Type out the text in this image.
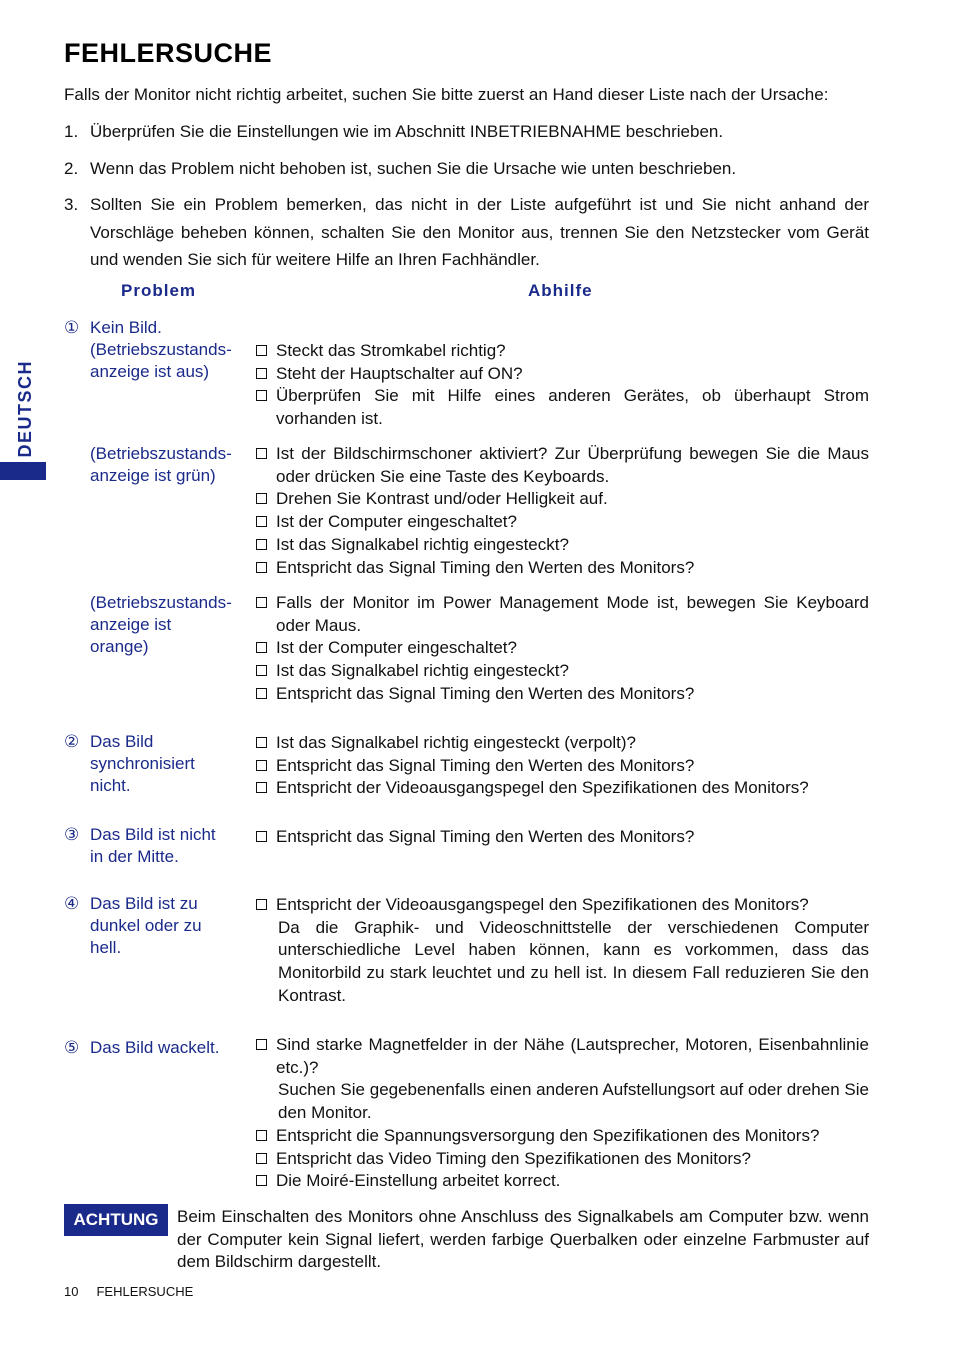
FEHLERSUCHE
Falls der Monitor nicht richtig arbeitet, suchen Sie bitte zuerst an Hand dieser Liste nach der Ursache:
1. Überprüfen Sie die Einstellungen wie im Abschnitt INBETRIEBNAHME beschrieben.
2. Wenn das Problem nicht behoben ist, suchen Sie die Ursache wie unten beschrieben.
3. Sollten Sie ein Problem bemerken, das nicht in der Liste aufgeführt ist und Sie nicht anhand der Vorschläge beheben können, schalten Sie den Monitor aus, trennen Sie den Netzstecker vom Gerät und wenden Sie sich für weitere Hilfe an Ihren Fachhändler.
Problem	Abhilfe
DEUTSCH
① Kein Bild.
(Betriebszustands-
anzeige ist aus)
(Betriebszustands-
anzeige ist grün)
(Betriebszustands-
anzeige ist
orange)
② Das Bild
synchronisiert
nicht.
③ Das Bild ist nicht
in der Mitte.
④ Das Bild ist zu
dunkel oder zu
hell.
⑤ Das Bild wackelt.
Steckt das Stromkabel richtig?
Steht der Hauptschalter auf ON?
Überprüfen Sie mit Hilfe eines anderen Gerätes, ob überhaupt Strom vorhanden ist.
Ist der Bildschirmschoner aktiviert? Zur Überprüfung bewegen Sie die Maus oder drücken Sie eine Taste des Keyboards.
Drehen Sie Kontrast und/oder Helligkeit auf.
Ist der Computer eingeschaltet?
Ist das Signalkabel richtig eingesteckt?
Entspricht das Signal Timing den Werten des Monitors?
Falls der Monitor im Power Management Mode ist, bewegen Sie Keyboard oder Maus.
Ist der Computer eingeschaltet?
Ist das Signalkabel richtig eingesteckt?
Entspricht das Signal Timing den Werten des Monitors?
Ist das Signalkabel richtig eingesteckt (verpolt)?
Entspricht das Signal Timing den Werten des Monitors?
Entspricht der Videoausgangspegel den Spezifikationen des Monitors?
Entspricht das Signal Timing den Werten des Monitors?
Entspricht der Videoausgangspegel den Spezifikationen des Monitors?
Da die Graphik- und Videoschnittstelle der verschiedenen Computer unterschiedliche Level haben können, kann es vorkommen, dass das Monitorbild zu stark leuchtet und zu hell ist. In diesem Fall reduzieren Sie den Kontrast.
Sind starke Magnetfelder in der Nähe (Lautsprecher, Motoren, Eisenbahnlinie etc.)?
Suchen Sie gegebenenfalls einen anderen Aufstellungsort auf oder drehen Sie den Monitor.
Entspricht die Spannungsversorgung den Spezifikationen des Monitors?
Entspricht das Video Timing den Spezifikationen des Monitors?
Die Moiré-Einstellung arbeitet korrect.
ACHTUNG	Beim Einschalten des Monitors ohne Anschluss des Signalkabels am Computer bzw. wenn der Computer kein Signal liefert, werden farbige Querbalken oder einzelne Farbmuster auf dem Bildschirm dargestellt.
10 FEHLERSUCHE
